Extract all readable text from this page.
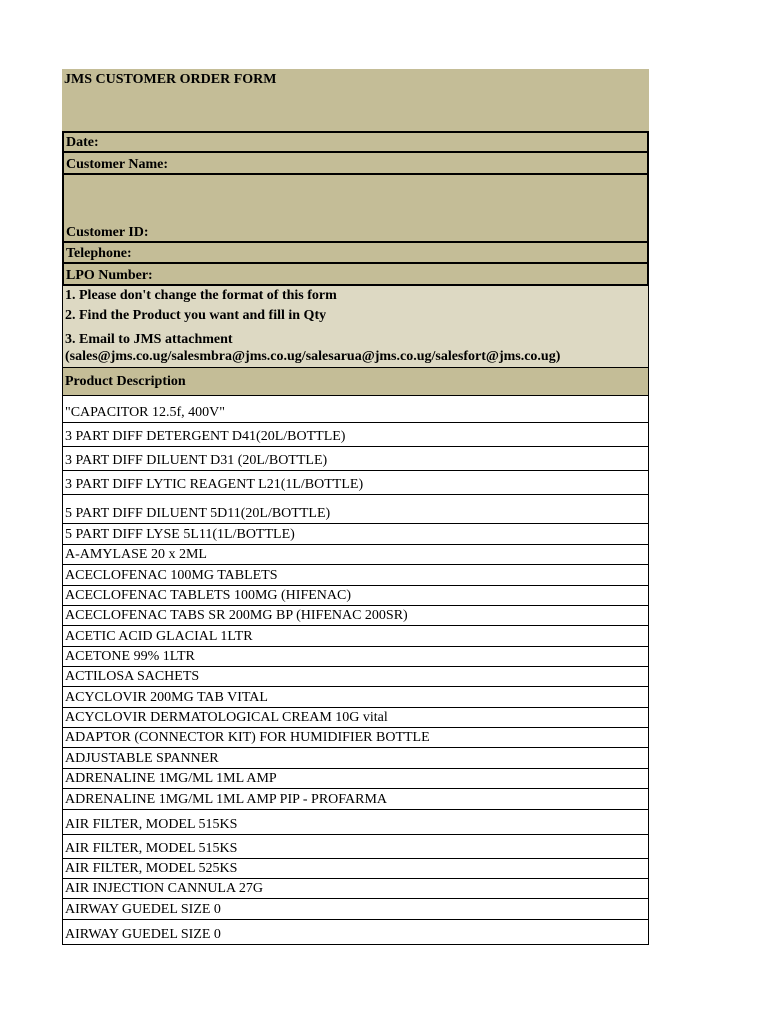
JMS CUSTOMER ORDER FORM
Date:
Customer Name:
Customer ID:
Telephone:
LPO Number:
1. Please don't change the format of this form
2. Find the Product you want and fill in Qty
3. Email to JMS attachment
(sales@jms.co.ug/salesmbra@jms.co.ug/salesarua@jms.co.ug/salesfort@jms.co.ug)
Product Description
"CAPACITOR 12.5f, 400V"
3 PART DIFF DETERGENT D41(20L/BOTTLE)
3 PART DIFF DILUENT D31 (20L/BOTTLE)
3 PART DIFF LYTIC REAGENT L21(1L/BOTTLE)
5 PART DIFF DILUENT 5D11(20L/BOTTLE)
5 PART DIFF LYSE 5L11(1L/BOTTLE)
A-AMYLASE 20 x 2ML
ACECLOFENAC 100MG TABLETS
ACECLOFENAC TABLETS 100MG (HIFENAC)
ACECLOFENAC TABS SR 200MG BP (HIFENAC 200SR)
ACETIC ACID GLACIAL 1LTR
ACETONE 99% 1LTR
ACTILOSA SACHETS
ACYCLOVIR 200MG TAB VITAL
ACYCLOVIR DERMATOLOGICAL CREAM 10G vital
ADAPTOR (CONNECTOR KIT) FOR HUMIDIFIER BOTTLE
ADJUSTABLE SPANNER
ADRENALINE 1MG/ML 1ML AMP
ADRENALINE 1MG/ML 1ML AMP PIP - PROFARMA
AIR FILTER, MODEL 515KS
AIR FILTER, MODEL 515KS
AIR FILTER, MODEL 525KS
AIR INJECTION CANNULA 27G
AIRWAY GUEDEL SIZE 0
AIRWAY GUEDEL SIZE 0
